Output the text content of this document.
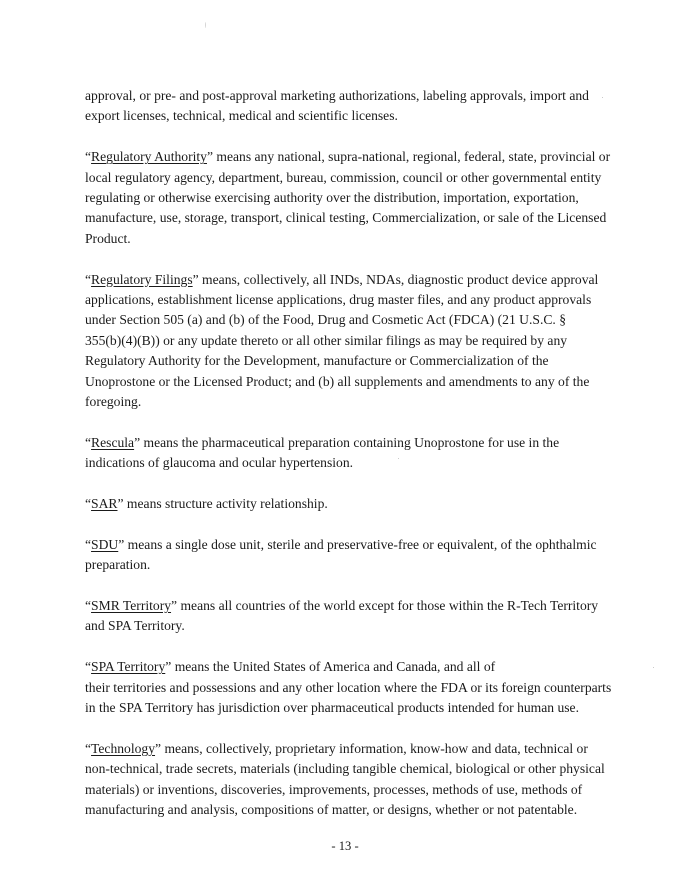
approval, or pre- and post-approval marketing authorizations, labeling approvals, import and
export licenses, technical, medical and scientific licenses.

“Regulatory Authority” means any national, supra-national, regional, federal, state, provincial or
local regulatory agency, department, bureau, commission, council or other governmental entity
regulating or otherwise exercising authority over the distribution, importation, exportation,
manufacture, use, storage, transport, clinical testing, Commercialization, or sale of the Licensed
Product.

“Regulatory Filings” means, collectively, all INDs, NDAs, diagnostic product device approval
applications, establishment license applications, drug master files, and any product approvals
under Section 505 (a) and (b) of the Food, Drug and Cosmetic Act (FDCA) (21 U.S.C. §
355(b)(4)(B)) or any update thereto or all other similar filings as may be required by any
Regulatory Authority for the Development, manufacture or Commercialization of the
Unoprostone or the Licensed Product; and (b) all supplements and amendments to any of the
foregoing.

“Rescula” means the pharmaceutical preparation containing Unoprostone for use in the
indications of glaucoma and ocular hypertension.

“SAR” means structure activity relationship.

“SDU” means a single dose unit, sterile and preservative-free or equivalent, of the ophthalmic
preparation.

“SMR Territory” means all countries of the world except for those within the R-Tech Territory
and SPA Territory.

“SPA Territory” means the United States of America and Canada, and all of
their territories and possessions and any other location where the FDA or its foreign counterparts
in the SPA Territory has jurisdiction over pharmaceutical products intended for human use.

“Technology” means, collectively, proprietary information, know-how and data, technical or
non-technical, trade secrets, materials (including tangible chemical, biological or other physical
materials) or inventions, discoveries, improvements, processes, methods of use, methods of
manufacturing and analysis, compositions of matter, or designs, whether or not patentable.

- 13 -
